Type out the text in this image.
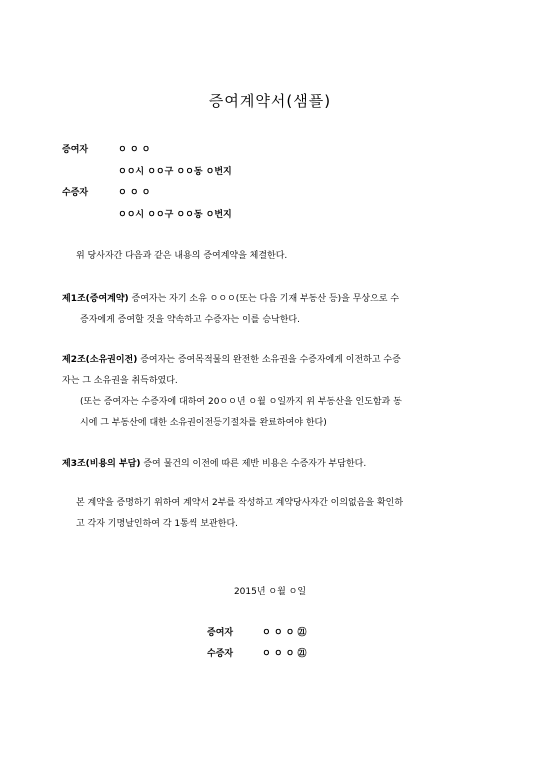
증여계약서(샘플)
증여자	ㅇ ㅇ ㅇ
ㅇㅇ시 ㅇㅇ구 ㅇㅇ동 ㅇ번지
수증자	ㅇ ㅇ ㅇ
ㅇㅇ시 ㅇㅇ구 ㅇㅇ동 ㅇ번지
위 당사자간 다음과 같은 내용의 증여계약을 체결한다.
제1조(증여계약) 증여자는 자기 소유 ㅇㅇㅇ(또는 다음 기재 부동산 등)을 무상으로 수
증자에게 증여할 것을 약속하고 수증자는 이를 승낙한다.
제2조(소유권이전) 증여자는 증여목적물의 완전한 소유권을 수증자에게 이전하고 수증
자는 그 소유권을 취득하였다.
(또는 증여자는 수증자에 대하여 20ㅇㅇ년 ㅇ월 ㅇ일까지 위 부동산을 인도함과 동
시에 그 부동산에 대한 소유권이전등기절차를 완료하여야 한다)
제3조(비용의 부담) 증여 물건의 이전에 따른 제반 비용은 수증자가 부담한다.
본 계약을 증명하기 위하여 계약서 2부를 작성하고 계약당사자간 이의없음을 확인하
고 각자 기명날인하여 각 1통씩 보관한다.
2015년 ㅇ월 ㅇ일
증여자	ㅇ ㅇ ㅇ ㉑
수증자	ㅇ ㅇ ㅇ ㉑
